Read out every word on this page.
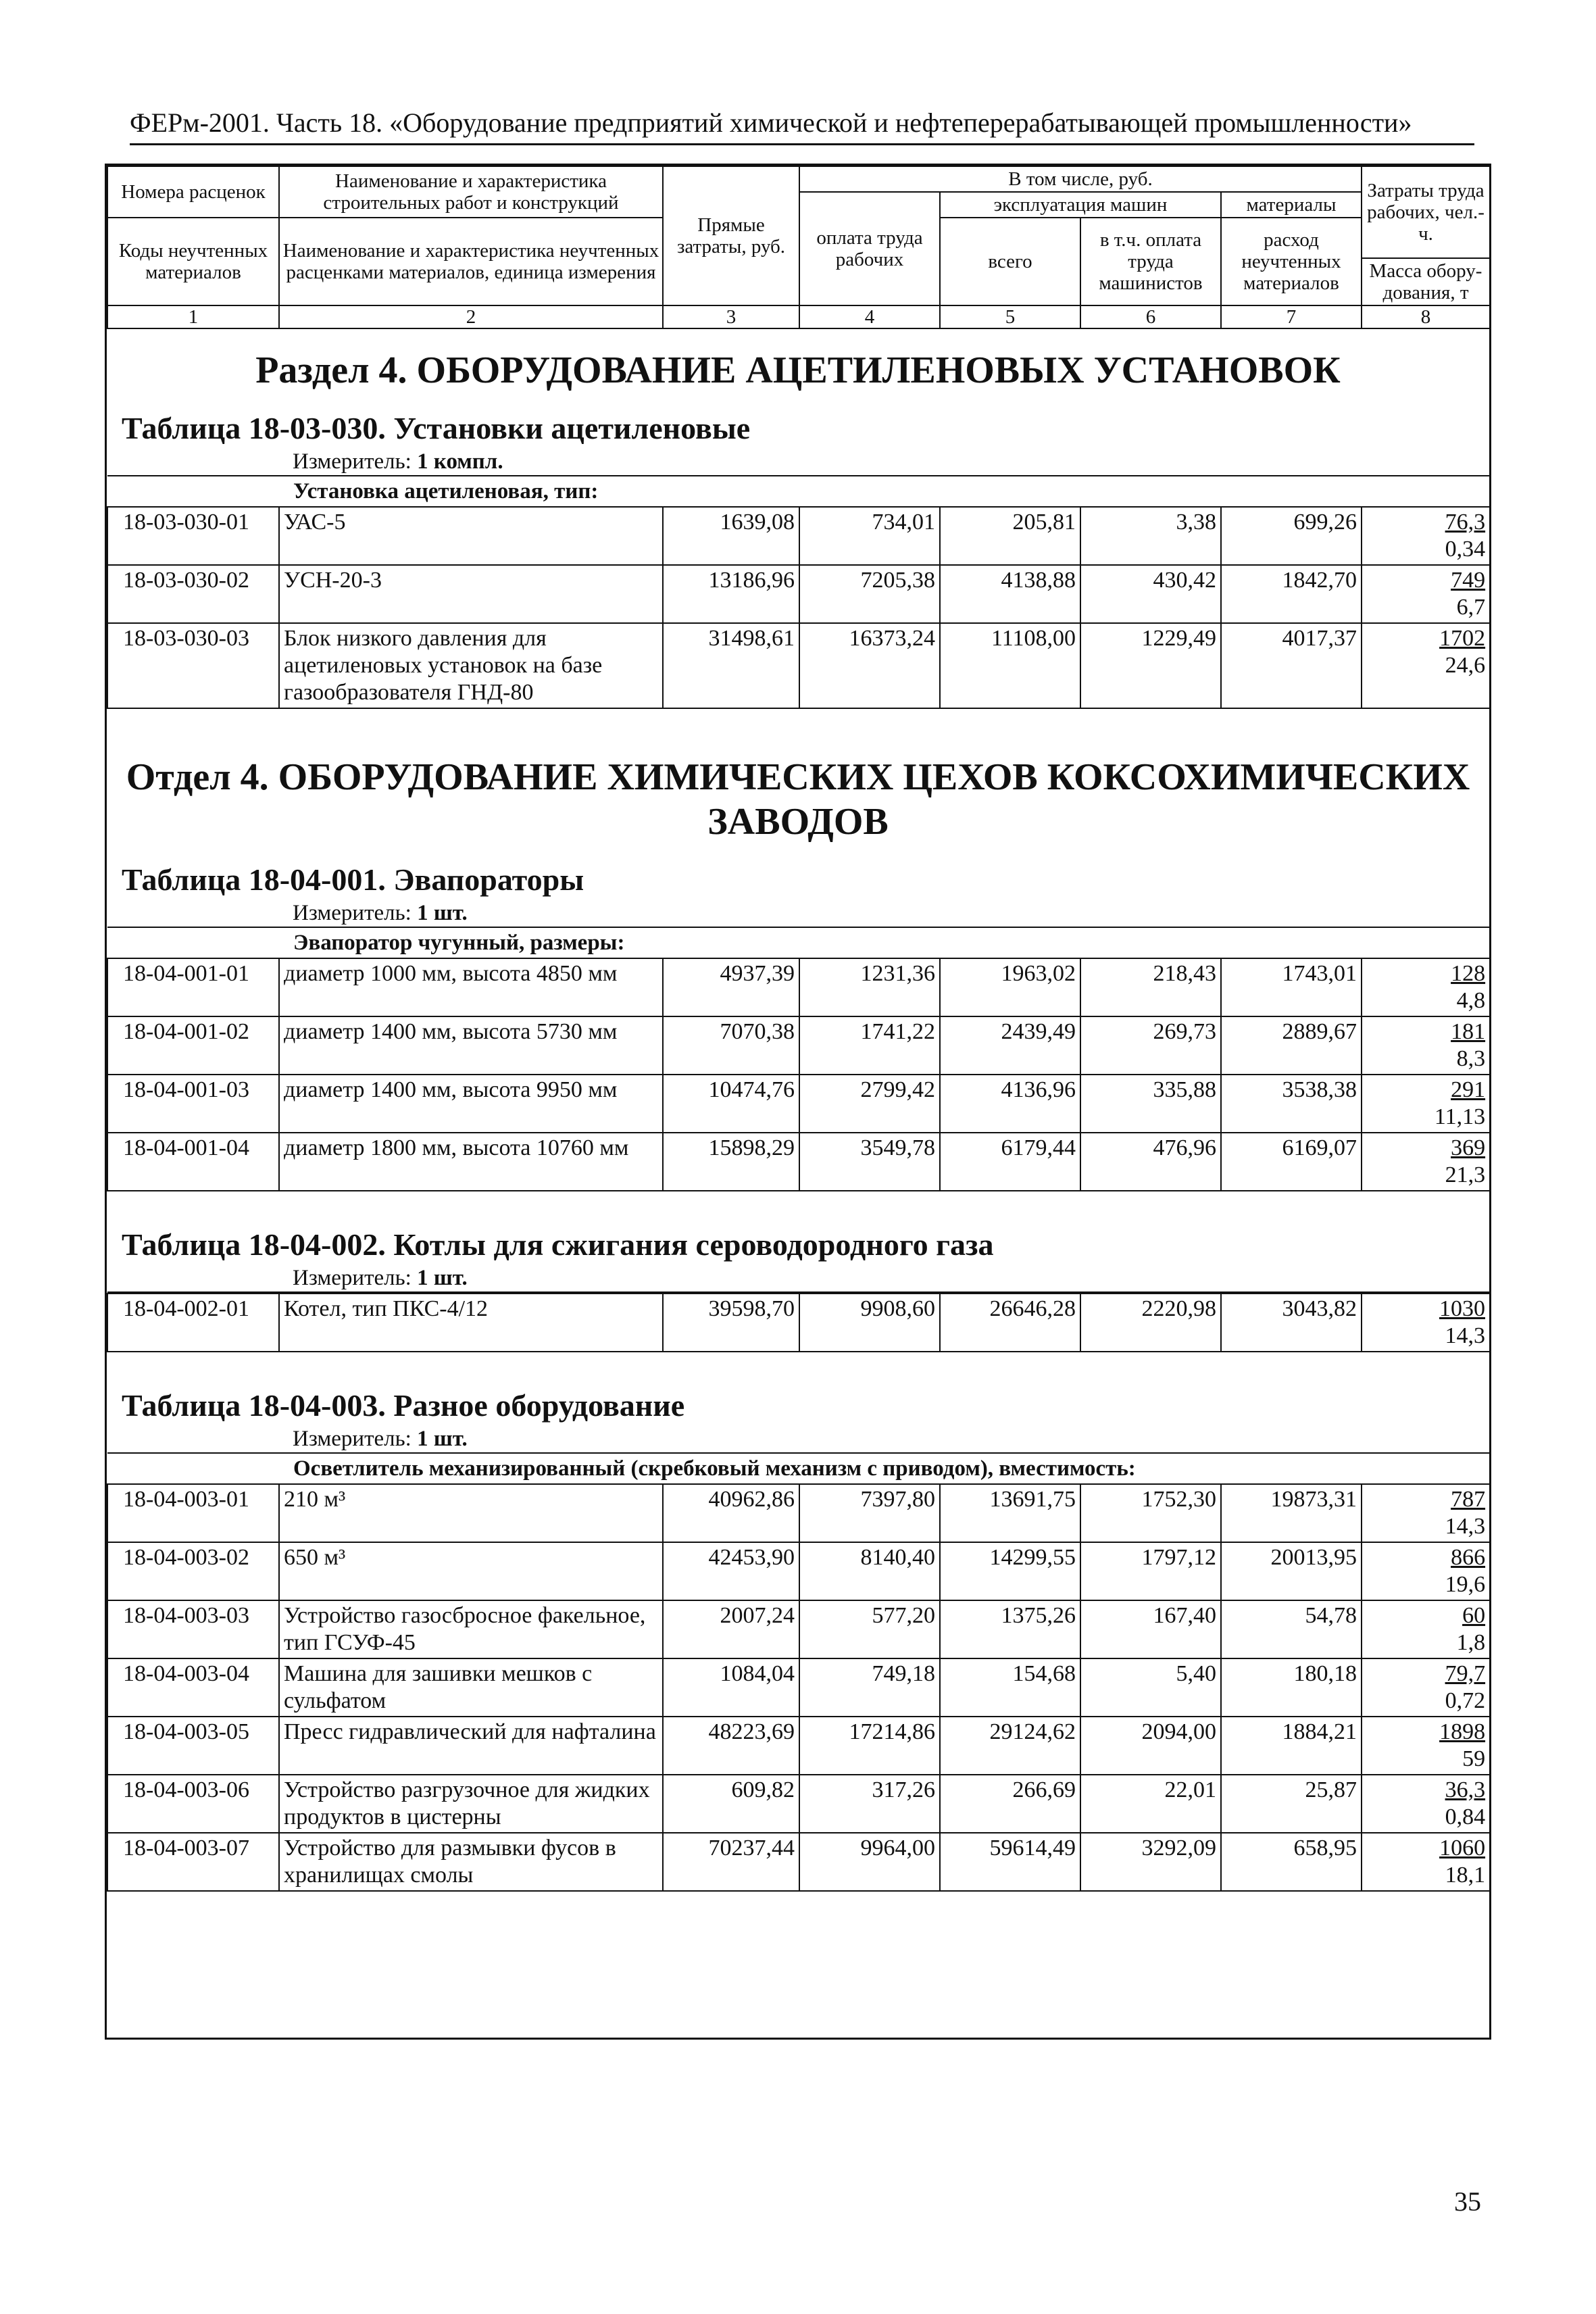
ФЕРм-2001. Часть 18. «Оборудование предприятий химической и нефтеперерабатывающей промышленности»
Номера расценок	Наименование и характеристика строительных работ и конструкций	Прямые затраты, руб.	В том числе, руб.				Затраты труда рабочих, чел.-ч.
			оплата труда рабочих	эксплуатация машин		материалы	
Коды неучтенных материалов	Наименование и характеристика неучтенных расценками материалов, единица измерения			всего	в т.ч. оплата труда машинистов	расход неучтенных материалов	
							Масса обору-дования, т
1	2	3	4	5	6	7	8
Раздел 4. ОБОРУДОВАНИЕ АЦЕТИЛЕНОВЫХ УСТАНОВОК
Таблица 18-03-030. Установки ацетиленовые
Измеритель: 1 компл.
Установка ацетиленовая, тип:							
18-03-030-01	УАС-5	1639,08	734,01	205,81	3,38	699,26	76,3
0,34

18-03-030-02	УСН-20-3	13186,96	7205,38	4138,88	430,42	1842,70	749
6,7

18-03-030-03	Блок низкого давления для ацетиленовых установок на базе газообразователя ГНД-80	31498,61	16373,24	11108,00	1229,49	4017,37	1702
24,6
Отдел 4. ОБОРУДОВАНИЕ ХИМИЧЕСКИХ ЦЕХОВ КОКСОХИМИЧЕСКИХ ЗАВОДОВ
Таблица 18-04-001. Эвапораторы
Измеритель: 1 шт.
Эвапоратор чугунный, размеры:							
18-04-001-01	диаметр 1000 мм, высота 4850 мм	4937,39	1231,36	1963,02	218,43	1743,01	128
4,8

18-04-001-02	диаметр 1400 мм, высота 5730 мм	7070,38	1741,22	2439,49	269,73	2889,67	181
8,3

18-04-001-03	диаметр 1400 мм, высота 9950 мм	10474,76	2799,42	4136,96	335,88	3538,38	291
11,13

18-04-001-04	диаметр 1800 мм, высота 10760 мм	15898,29	3549,78	6179,44	476,96	6169,07	369
21,3
Таблица 18-04-002. Котлы для сжигания сероводородного газа
Измеритель: 1 шт.

18-04-002-01	Котел, тип ПКС-4/12	39598,70	9908,60	26646,28	2220,98	3043,82	1030
14,3
Таблица 18-04-003. Разное оборудование
Измеритель: 1 шт.
Осветлитель механизированный (скребковый механизм с приводом), вместимость:							
18-04-003-01	210 м³	40962,86	7397,80	13691,75	1752,30	19873,31	787
14,3

18-04-003-02	650 м³	42453,90	8140,40	14299,55	1797,12	20013,95	866
19,6

18-04-003-03	Устройство газосбросное факельное, тип ГСУФ-45	2007,24	577,20	1375,26	167,40	54,78	60
1,8

18-04-003-04	Машина для зашивки мешков с сульфатом	1084,04	749,18	154,68	5,40	180,18	79,7
0,72

18-04-003-05	Пресс гидравлический для нафталина	48223,69	17214,86	29124,62	2094,00	1884,21	1898
59

18-04-003-06	Устройство разгрузочное для жидких продуктов в цистерны	609,82	317,26	266,69	22,01	25,87	36,3
0,84

18-04-003-07	Устройство для размывки фусов в хранилищах смолы	70237,44	9964,00	59614,49	3292,09	658,95	1060
18,1
35
